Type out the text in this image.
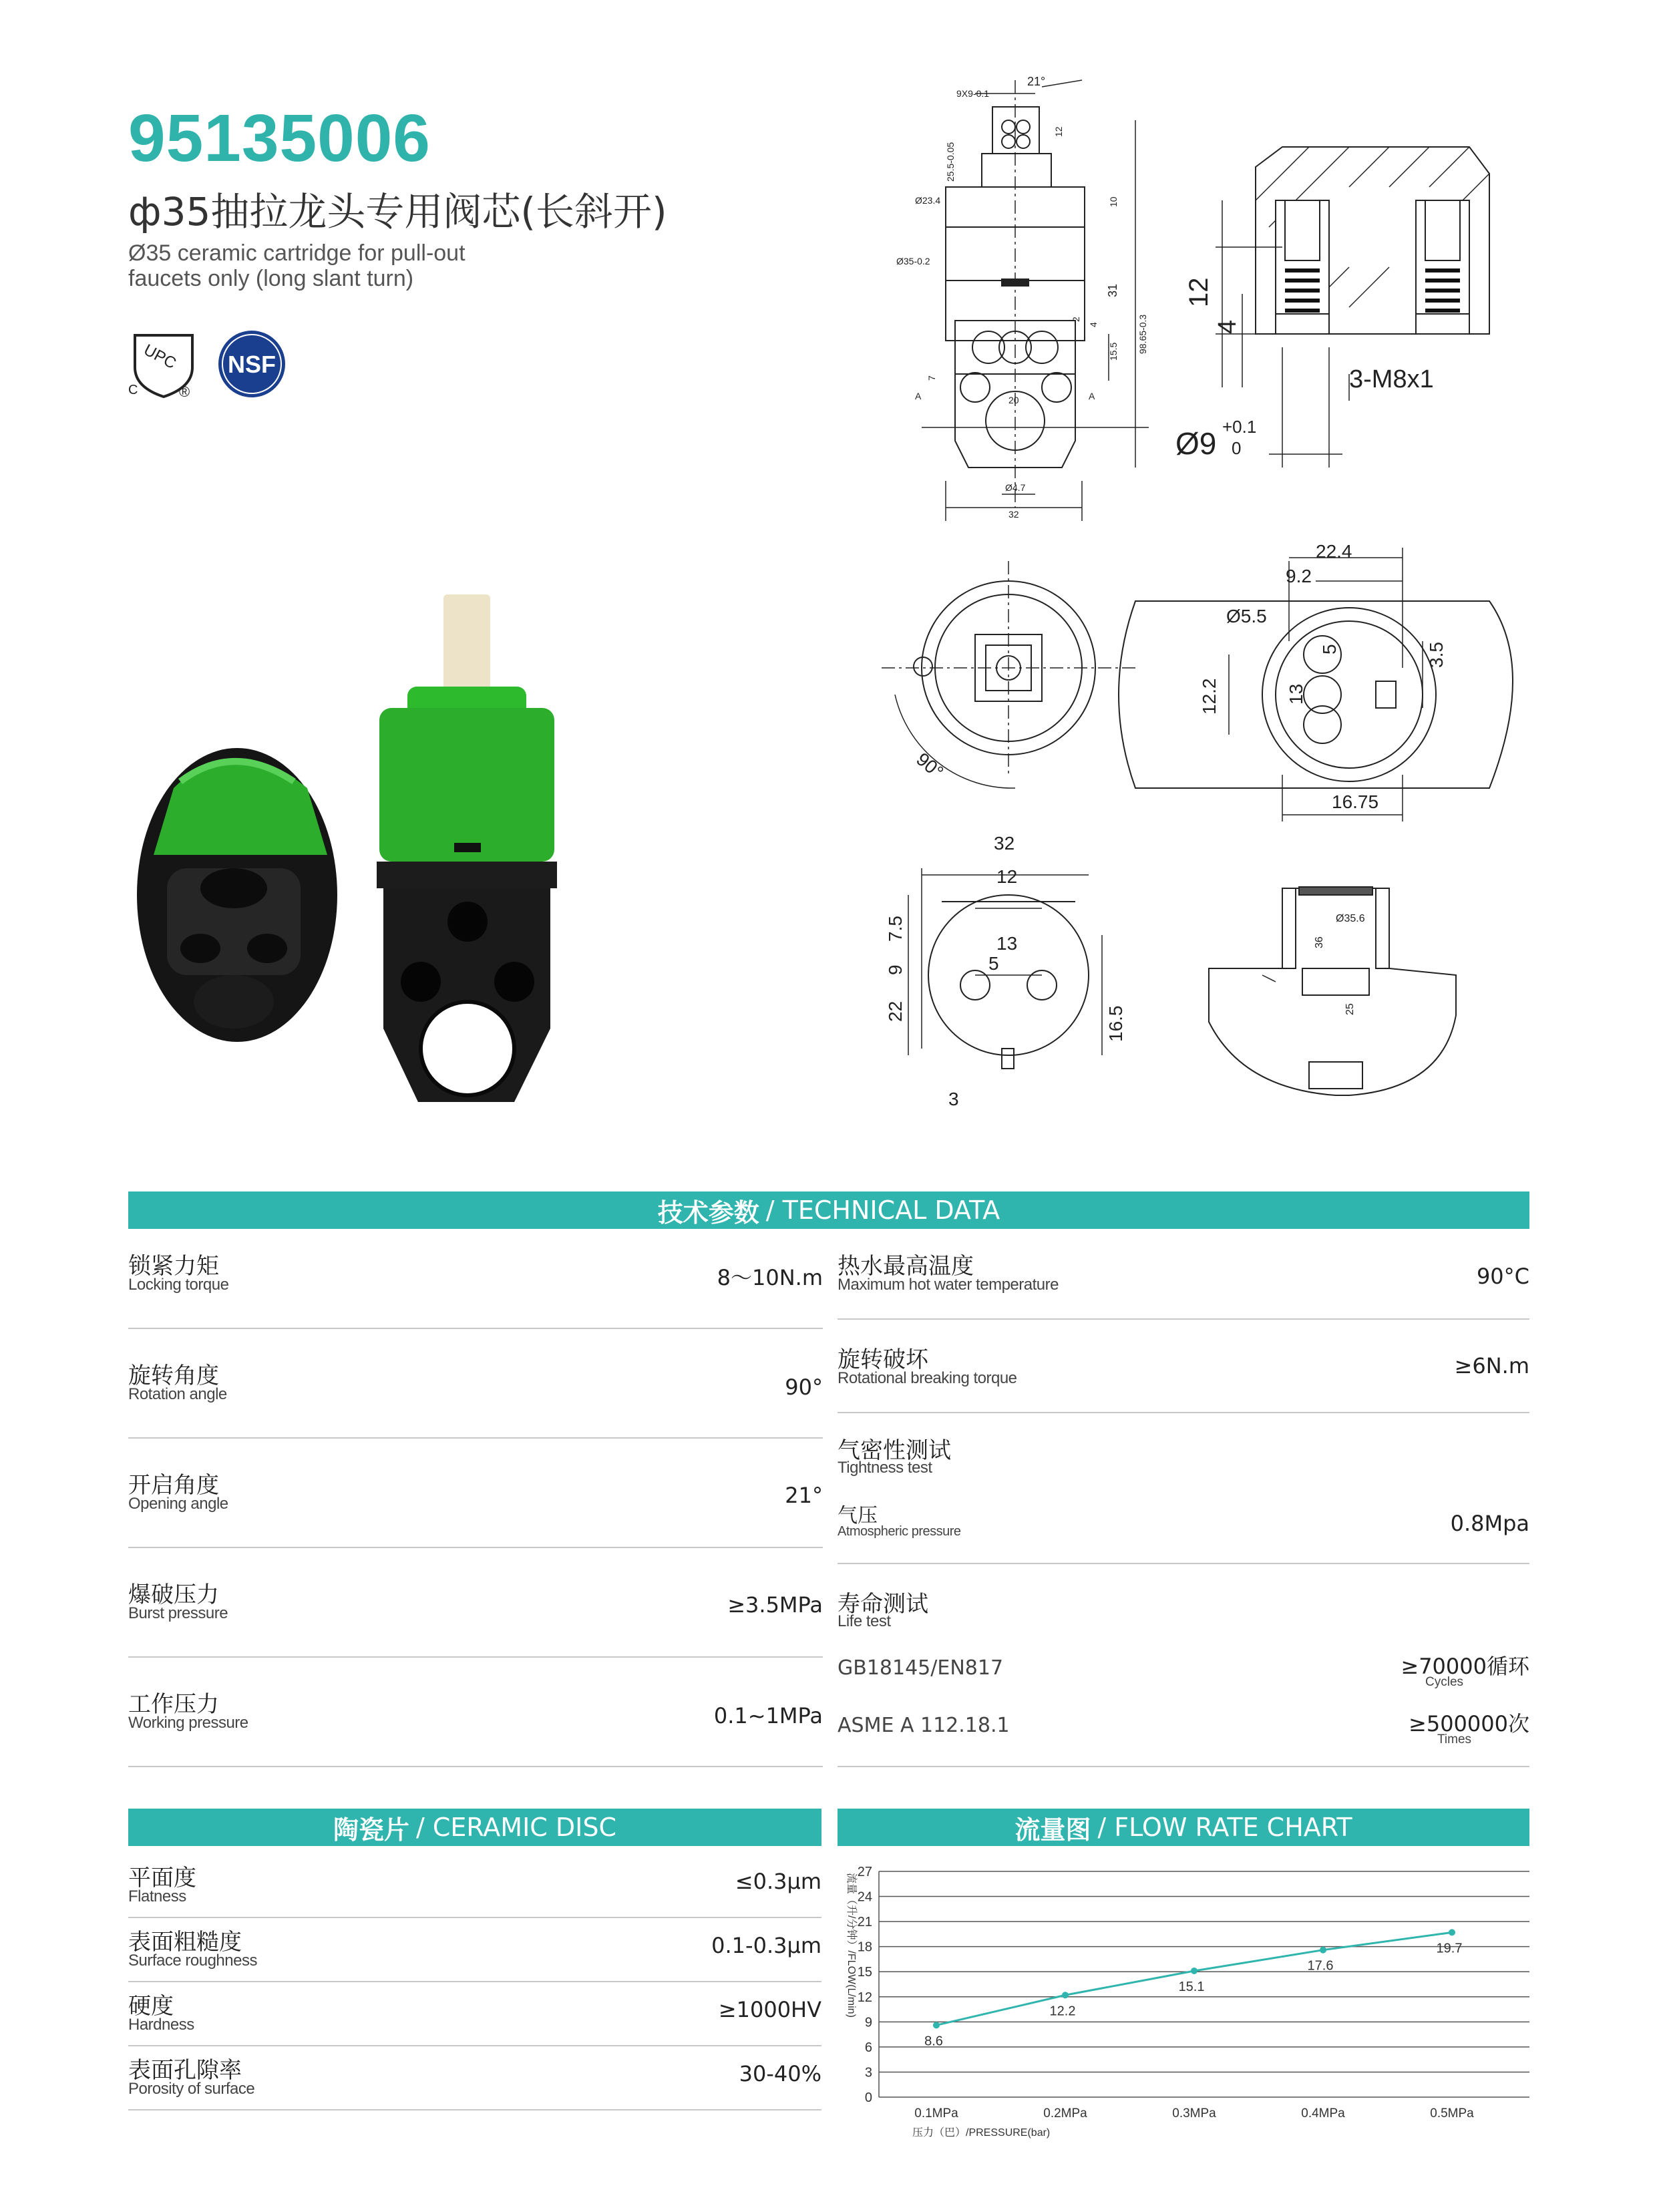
95135006
ф35抽拉龙头专用阀芯(长斜开)
Ø35 ceramic cartridge for pull-out
faucets only (long slant turn)
UPC
C	®
NSF
9X9-0.1
21°
25.5-0.05
12
Ø23.4	10
Ø35-0.2
31
2
4
15.5 98.65-0.3
7
A	A
20
Ø4.7
32
12
4
3-M8x1
Ø9 +0.1
0
90°
22.4
9.2
Ø5.5
3.5
12.2	13
5
16.75
32
12
7.5
13
5
9
22	16.5
3
Ø35.6
36
25
技术参数 / TECHNICAL DATA
锁紧力矩
Locking torque	8～10N.m
旋转角度
Rotation angle	90°
开启角度
Opening angle	21°
爆破压力
Burst pressure	≥3.5MPa
工作压力
Working pressure	0.1~1MPa
热水最高温度
Maximum hot water temperature	90°C
旋转破坏
Rotational breaking torque	≥6N.m
气密性测试
Tightness test
气压
Atmospheric pressure	0.8Mpa
寿命测试
Life test
GB18145/EN817	≥70000循环
Cycles
ASME A 112.18.1	≥500000次
Times
陶瓷片 / CERAMIC DISC
平面度
Flatness
≤0.3μm
表面粗糙度
Surface roughness
0.1-0.3μm
硬度
Hardness
≥1000HV
表面孔隙率
Porosity of surface
30-40%
流量图 / FLOW RATE CHART
0
3
6
9
12
15
18
21
24
27
8.6
12.2
15.1
17.6
19.7
0.1MPa	0.2MPa	0.3MPa	0.4MPa	0.5MPa
压力（巴）/PRESSURE(bar)
流量（升/分钟）/FLOW(L/min)
